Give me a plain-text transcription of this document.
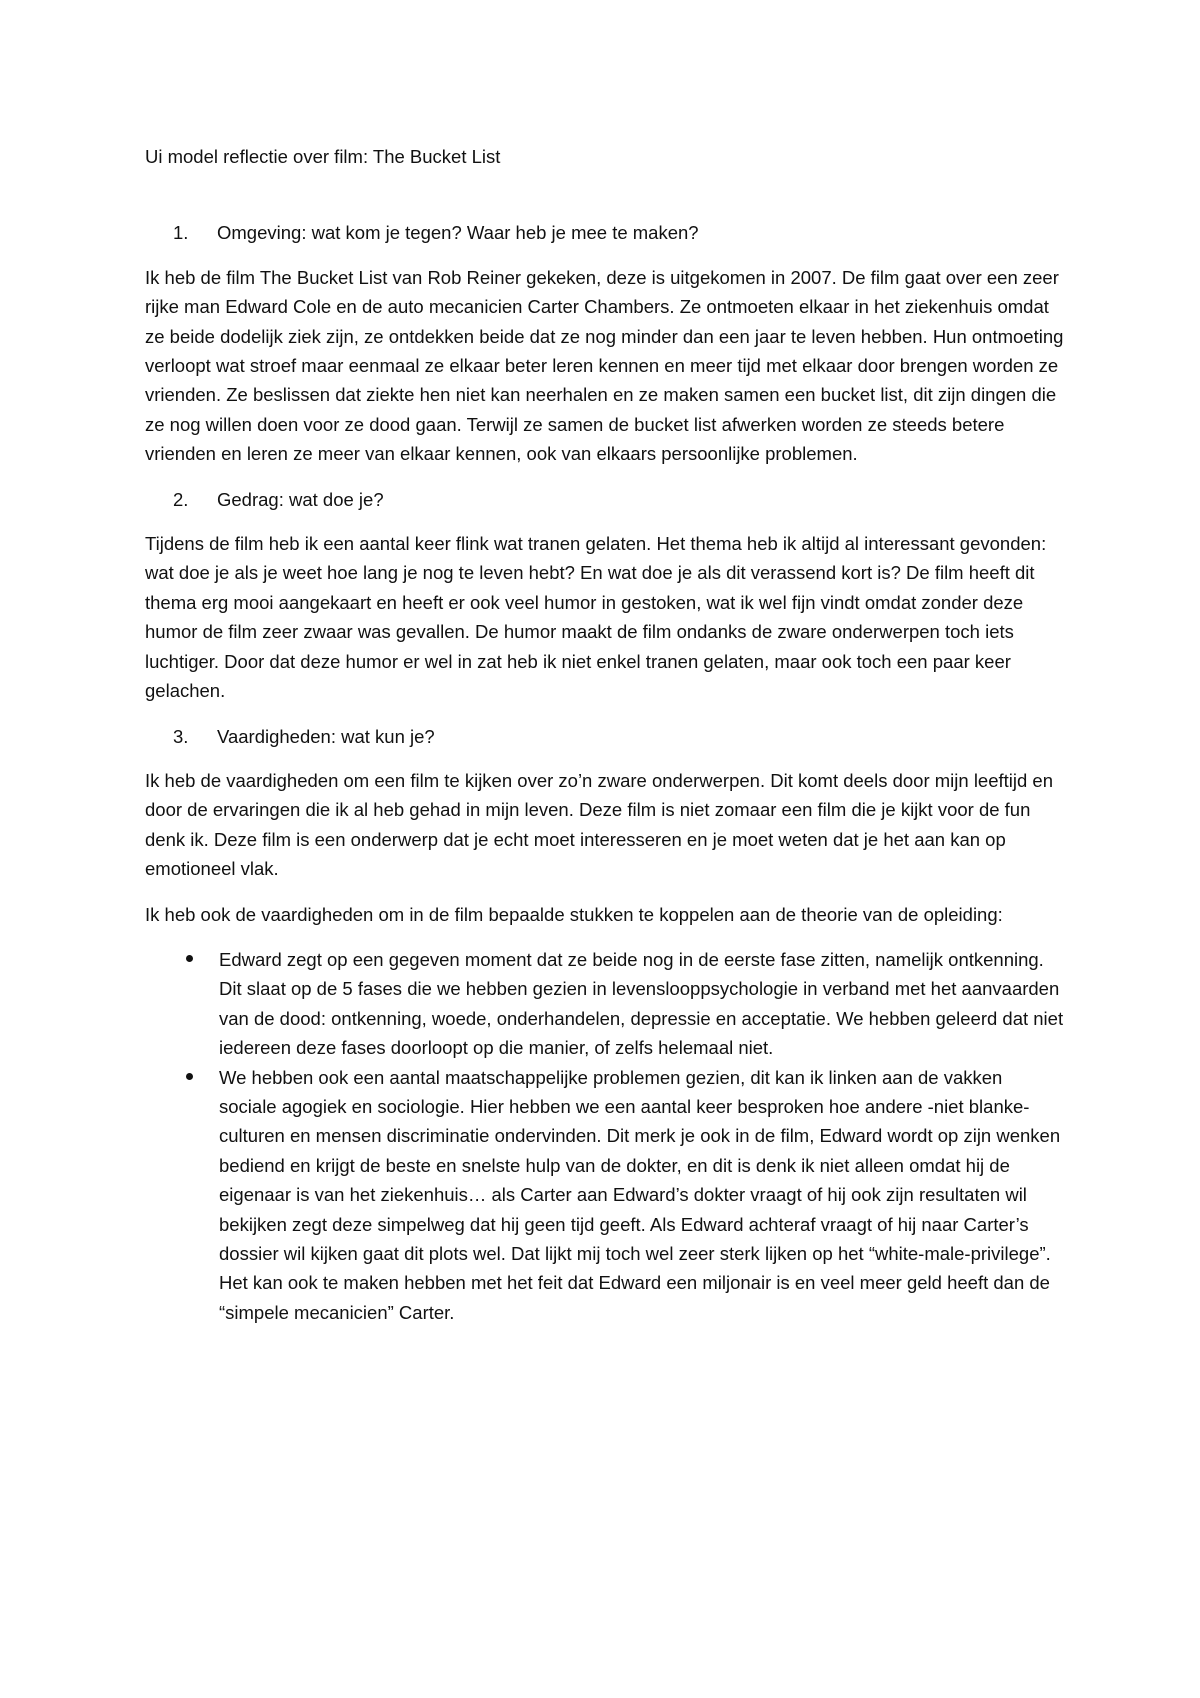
Ui model reflectie over film: The Bucket List

1.	Omgeving: wat kom je tegen? Waar heb je mee te maken?

Ik heb de film The Bucket List van Rob Reiner gekeken, deze is uitgekomen in 2007. De film gaat over een zeer rijke man Edward Cole en de auto mecanicien Carter Chambers. Ze ontmoeten elkaar in het ziekenhuis omdat ze beide dodelijk ziek zijn, ze ontdekken beide dat ze nog minder dan een jaar te leven hebben. Hun ontmoeting verloopt wat stroef maar eenmaal ze elkaar beter leren kennen en meer tijd met elkaar door brengen worden ze vrienden. Ze beslissen dat ziekte hen niet kan neerhalen en ze maken samen een bucket list, dit zijn dingen die ze nog willen doen voor ze dood gaan. Terwijl ze samen de bucket list afwerken worden ze steeds betere vrienden en leren ze meer van elkaar kennen, ook van elkaars persoonlijke problemen.

2.	Gedrag: wat doe je?

Tijdens de film heb ik een aantal keer flink wat tranen gelaten. Het thema heb ik altijd al interessant gevonden: wat doe je als je weet hoe lang je nog te leven hebt? En wat doe je als dit verassend kort is? De film heeft dit thema erg mooi aangekaart en heeft er ook veel humor in gestoken, wat ik wel fijn vindt omdat zonder deze humor de film zeer zwaar was gevallen. De humor maakt de film ondanks de zware onderwerpen toch iets luchtiger. Door dat deze humor er wel in zat heb ik niet enkel tranen gelaten, maar ook toch een paar keer gelachen.

3.	Vaardigheden: wat kun je?

Ik heb de vaardigheden om een film te kijken over zo’n zware onderwerpen. Dit komt deels door mijn leeftijd en door de ervaringen die ik al heb gehad in mijn leven. Deze film is niet zomaar een film die je kijkt voor de fun denk ik. Deze film is een onderwerp dat je echt moet interesseren en je moet weten dat je het aan kan op emotioneel vlak.

Ik heb ook de vaardigheden om in de film bepaalde stukken te koppelen aan de theorie van de opleiding:

Edward zegt op een gegeven moment dat ze beide nog in de eerste fase zitten, namelijk ontkenning. Dit slaat op de 5 fases die we hebben gezien in levenslooppsychologie in verband met het aanvaarden van de dood: ontkenning, woede, onderhandelen, depressie en acceptatie. We hebben geleerd dat niet iedereen deze fases doorloopt op die manier, of zelfs helemaal niet.
We hebben ook een aantal maatschappelijke problemen gezien, dit kan ik linken aan de vakken sociale agogiek en sociologie. Hier hebben we een aantal keer besproken hoe andere -niet blanke- culturen en mensen discriminatie ondervinden. Dit merk je ook in de film, Edward wordt op zijn wenken bediend en krijgt de beste en snelste hulp van de dokter, en dit is denk ik niet alleen omdat hij de eigenaar is van het ziekenhuis… als Carter aan Edward’s dokter vraagt of hij ook zijn resultaten wil bekijken zegt deze simpelweg dat hij geen tijd geeft. Als Edward achteraf vraagt of hij naar Carter’s dossier wil kijken gaat dit plots wel. Dat lijkt mij toch wel zeer sterk lijken op het “white-male-privilege”. Het kan ook te maken hebben met het feit dat Edward een miljonair is en veel meer geld heeft dan de “simpele mecanicien” Carter.
